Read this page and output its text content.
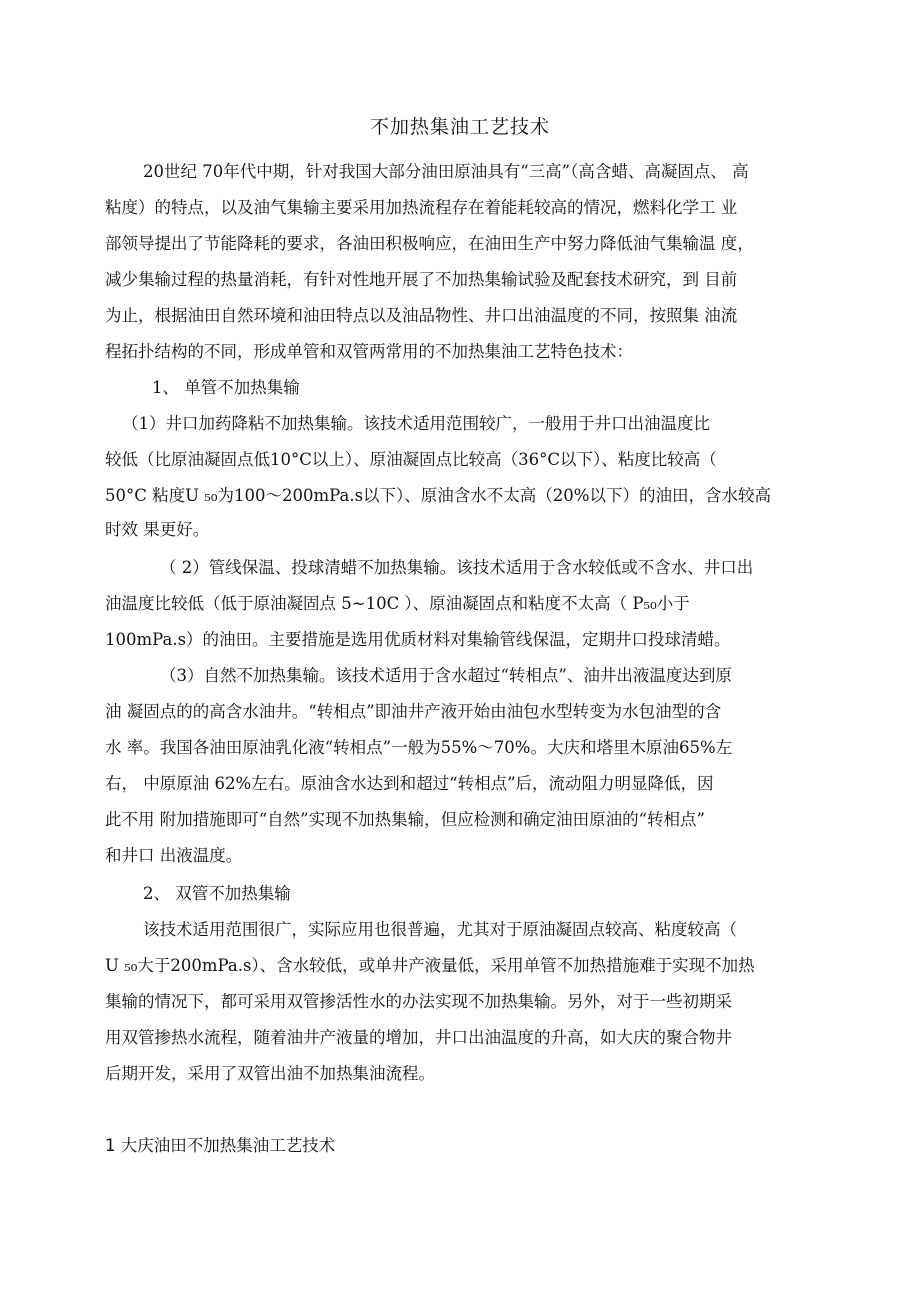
不加热集油工艺技术

20世纪 70年代中期，针对我国大部分油田原油具有“三高”（高含蜡、高凝固点、 高

粘度）的特点，以及油气集输主要采用加热流程存在着能耗较高的情况，燃料化学工 业

部领导提出了节能降耗的要求，各油田积极响应，在油田生产中努力降低油气集输温 度，

减少集输过程的热量消耗，有针对性地开展了不加热集输试验及配套技术研究，到 目前

为止，根据油田自然环境和油田特点以及油品物性、井口出油温度的不同，按照集 油流

程拓扑结构的不同，形成单管和双管两常用的不加热集油工艺特色技术：

1、 单管不加热集输

（1）井口加药降粘不加热集输。该技术适用范围较广，一般用于井口出油温度比

较低（比原油凝固点低10°C以上）、原油凝固点比较高（36°C以下）、粘度比较高（

50°C 粘度U ₅₀为100〜200mPa.s以下）、原油含水不太高（20%以下）的油田，含水较高

时效 果更好。

（ 2）管线保温、投球清蜡不加热集输。该技术适用于含水较低或不含水、井口出

油温度比较低（低于原油凝固点 5~10C ）、原油凝固点和粘度不太高（ P₅₀小于

100mPa.s）的油田。主要措施是选用优质材料对集输管线保温，定期井口投球清蜡。

（3）自然不加热集输。该技术适用于含水超过“转相点”、油井出液温度达到原

油 凝固点的的高含水油井。“转相点”即油井产液开始由油包水型转变为水包油型的含

水 率。我国各油田原油乳化液“转相点”一般为55%〜70%。大庆和塔里木原油65%左

右， 中原原油 62%左右。原油含水达到和超过“转相点”后，流动阻力明显降低，因

此不用 附加措施即可“自然”实现不加热集输，但应检测和确定油田原油的“转相点”

和井口 出液温度。

2、 双管不加热集输

该技术适用范围很广，实际应用也很普遍，尤其对于原油凝固点较高、粘度较高（

U ₅₀大于200mPa.s）、含水较低，或单井产液量低，采用单管不加热措施难于实现不加热

集输的情况下，都可采用双管掺活性水的办法实现不加热集输。另外，对于一些初期采

用双管掺热水流程，随着油井产液量的增加，井口出油温度的升高，如大庆的聚合物井

后期开发，采用了双管出油不加热集油流程。

1 大庆油田不加热集油工艺技术
